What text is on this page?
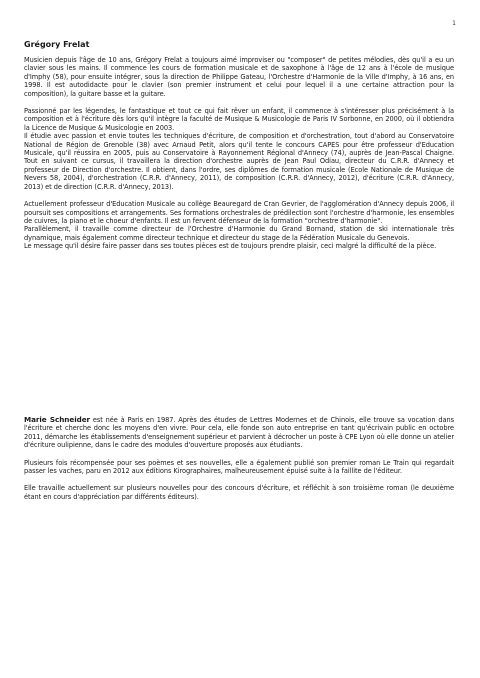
1
Grégory Frelat

Musicien depuis l'âge de 10 ans, Grégory Frelat a toujours aimé improviser ou "composer" de petites mélodies, dès qu'il a eu un clavier sous les mains. Il commence les cours de formation musicale et de saxophone à l'âge de 12 ans à l'école de musique d'Imphy (58), pour ensuite intégrer, sous la direction de Philippe Gateau, l'Orchestre d'Harmonie de la Ville d'Imphy, à 16 ans, en 1998. Il est autodidacte pour le clavier (son premier instrument et celui pour lequel il a une certaine attraction pour la composition), la guitare basse et la guitare.

Passionné par les légendes, le fantastique et tout ce qui fait rêver un enfant, il commence à s'intéresser plus précisément à la composition et à l'écriture dès lors qu'il intègre la faculté de Musique & Musicologie de Paris IV Sorbonne, en 2000, où il obtiendra la Licence de Musique & Musicologie en 2003.

Il étudie avec passion et envie toutes les techniques d'écriture, de composition et d'orchestration, tout d'abord au Conservatoire National de Région de Grenoble (38) avec Arnaud Petit, alors qu'il tente le concours CAPES pour être professeur d'Education Musicale, qu'il réussira en 2005, puis au Conservatoire à Rayonnement Régional d'Annecy (74), auprès de Jean-Pascal Chaigne. Tout en suivant ce cursus, il travaillera la direction d'orchestre auprès de Jean Paul Odiau, directeur du C.R.R. d'Annecy et professeur de Direction d'orchestre. Il obtient, dans l'ordre, ses diplômes de formation musicale (Ecole Nationale de Musique de Nevers 58, 2004), d'orchestration (C.R.R. d'Annecy, 2011), de composition (C.R.R. d'Annecy, 2012), d'écriture (C.R.R. d'Annecy, 2013) et de direction (C.R.R. d'Annecy, 2013).

Actuellement professeur d'Education Musicale au collège Beauregard de Cran Gevrier, de l'agglomération d'Annecy depuis 2006, il poursuit ses compositions et arrangements. Ses formations orchestrales de prédilection sont l'orchestre d'harmonie, les ensembles de cuivres, la piano et le choeur d'enfants. Il est un fervent défenseur de la formation "orchestre d'harmonie".

Parallèlement, il travaille comme directeur de l'Orchestre d'Harmonie du Grand Bornand, station de ski internationale très dynamique, mais également comme directeur technique et directeur du stage de la Fédération Musicale du Genevois.

Le message qu'il désire faire passer dans ses toutes pièces est de toujours prendre plaisir, ceci malgré la difficulté de la pièce.

Marie Schneider est née à Paris en 1987. Après des études de Lettres Modernes et de Chinois, elle trouve sa vocation dans l'écriture et cherche donc les moyens d'en vivre. Pour cela, elle fonde son auto entreprise en tant qu'écrivain public en octobre 2011, démarche les établissements d'enseignement supérieur et parvient à décrocher un poste à CPE Lyon où elle donne un atelier d'écriture oulipienne, dans le cadre des modules d'ouverture proposés aux étudiants.

Plusieurs fois récompensée pour ses poèmes et ses nouvelles, elle a également publié son premier roman Le Train qui regardait passer les vaches, paru en 2012 aux éditions Kirographaires, malheureusement épuisé suite à la faillite de l'éditeur.

Elle travaille actuellement sur plusieurs nouvelles pour des concours d'écriture, et réfléchit à son troisième roman (le deuxième étant en cours d'appréciation par différents éditeurs).
